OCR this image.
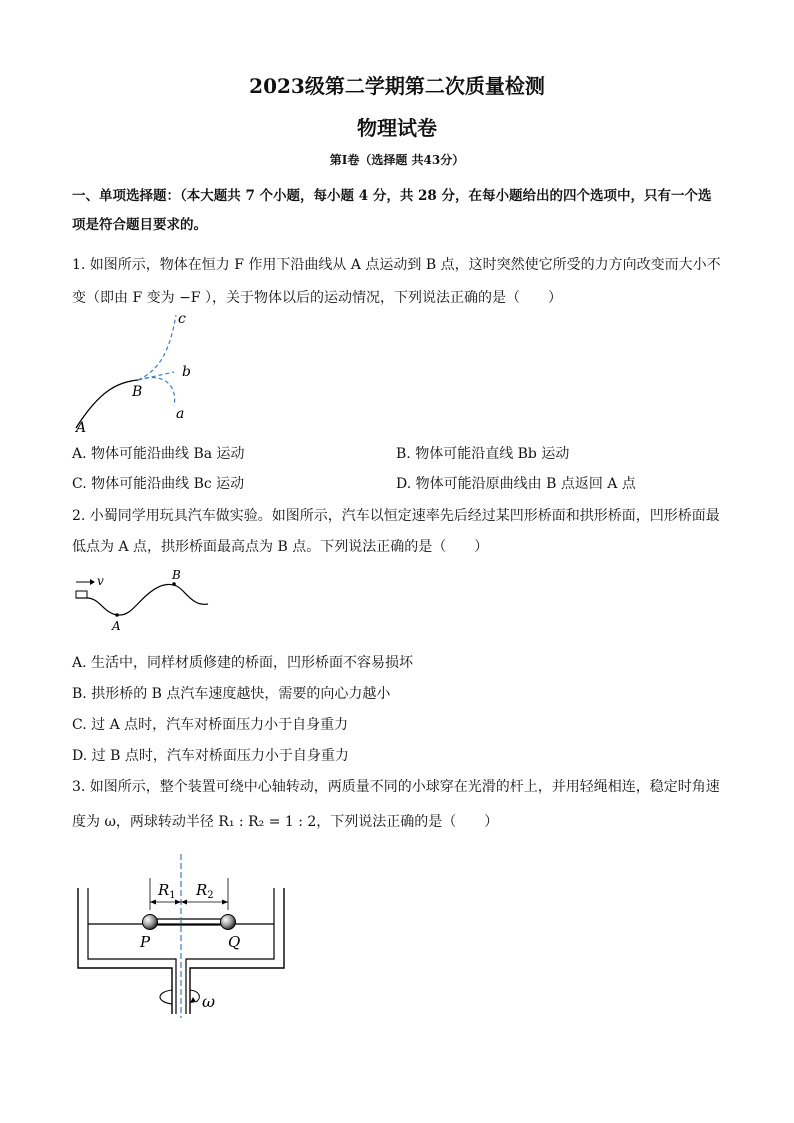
2023级第二学期第二次质量检测
物理试卷
第Ⅰ卷（选择题 共43分）
一、单项选择题：（本大题共 7 个小题，每小题 4 分，共 28 分，在每小题给出的四个选项中，只有一个选
项是符合题目要求的。
1. 如图所示，物体在恒力 F 作用下沿曲线从 A 点运动到 B 点，这时突然使它所受的力方向改变而大小不
变（即由 F 变为 −F ），关于物体以后的运动情况，下列说法正确的是（　　）
A
B
c
b
a
A. 物体可能沿曲线 Ba 运动	B. 物体可能沿直线 Bb 运动
C. 物体可能沿曲线 Bc 运动	D. 物体可能沿原曲线由 B 点返回 A 点
2. 小蜀同学用玩具汽车做实验。如图所示，汽车以恒定速率先后经过某凹形桥面和拱形桥面，凹形桥面最
低点为 A 点，拱形桥面最高点为 B 点。下列说法正确的是（　　）
v
A
B
A. 生活中，同样材质修建的桥面，凹形桥面不容易损坏
B. 拱形桥的 B 点汽车速度越快，需要的向心力越小
C. 过 A 点时，汽车对桥面压力小于自身重力
D. 过 B 点时，汽车对桥面压力小于自身重力
3. 如图所示，整个装置可绕中心轴转动，两质量不同的小球穿在光滑的杆上，并用轻绳相连，稳定时角速
度为 ω，两球转动半径 R₁ : R₂ = 1 : 2，下列说法正确的是（　　）
$R_1$ $R_2$
P	Q
ω
